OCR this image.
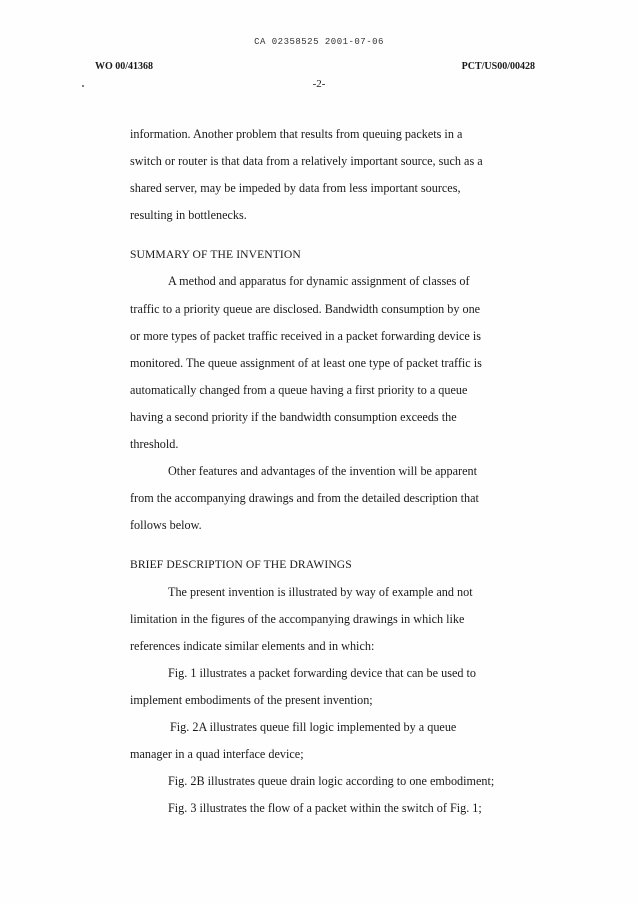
CA 02358525 2001-07-06
WO 00/41368	PCT/US00/00428
-2-
information. Another problem that results from queuing packets in a
switch or router is that data from a relatively important source, such as a
shared server, may be impeded by data from less important sources,
resulting in bottlenecks.
SUMMARY OF THE INVENTION
A method and apparatus for dynamic assignment of classes of
traffic to a priority queue are disclosed. Bandwidth consumption by one
or more types of packet traffic received in a packet forwarding device is
monitored. The queue assignment of at least one type of packet traffic is
automatically changed from a queue having a first priority to a queue
having a second priority if the bandwidth consumption exceeds the
threshold.
Other features and advantages of the invention will be apparent
from the accompanying drawings and from the detailed description that
follows below.
BRIEF DESCRIPTION OF THE DRAWINGS
The present invention is illustrated by way of example and not
limitation in the figures of the accompanying drawings in which like
references indicate similar elements and in which:
Fig. 1 illustrates a packet forwarding device that can be used to
implement embodiments of the present invention;
Fig. 2A illustrates queue fill logic implemented by a queue
manager in a quad interface device;
Fig. 2B illustrates queue drain logic according to one embodiment;
Fig. 3 illustrates the flow of a packet within the switch of Fig. 1;
